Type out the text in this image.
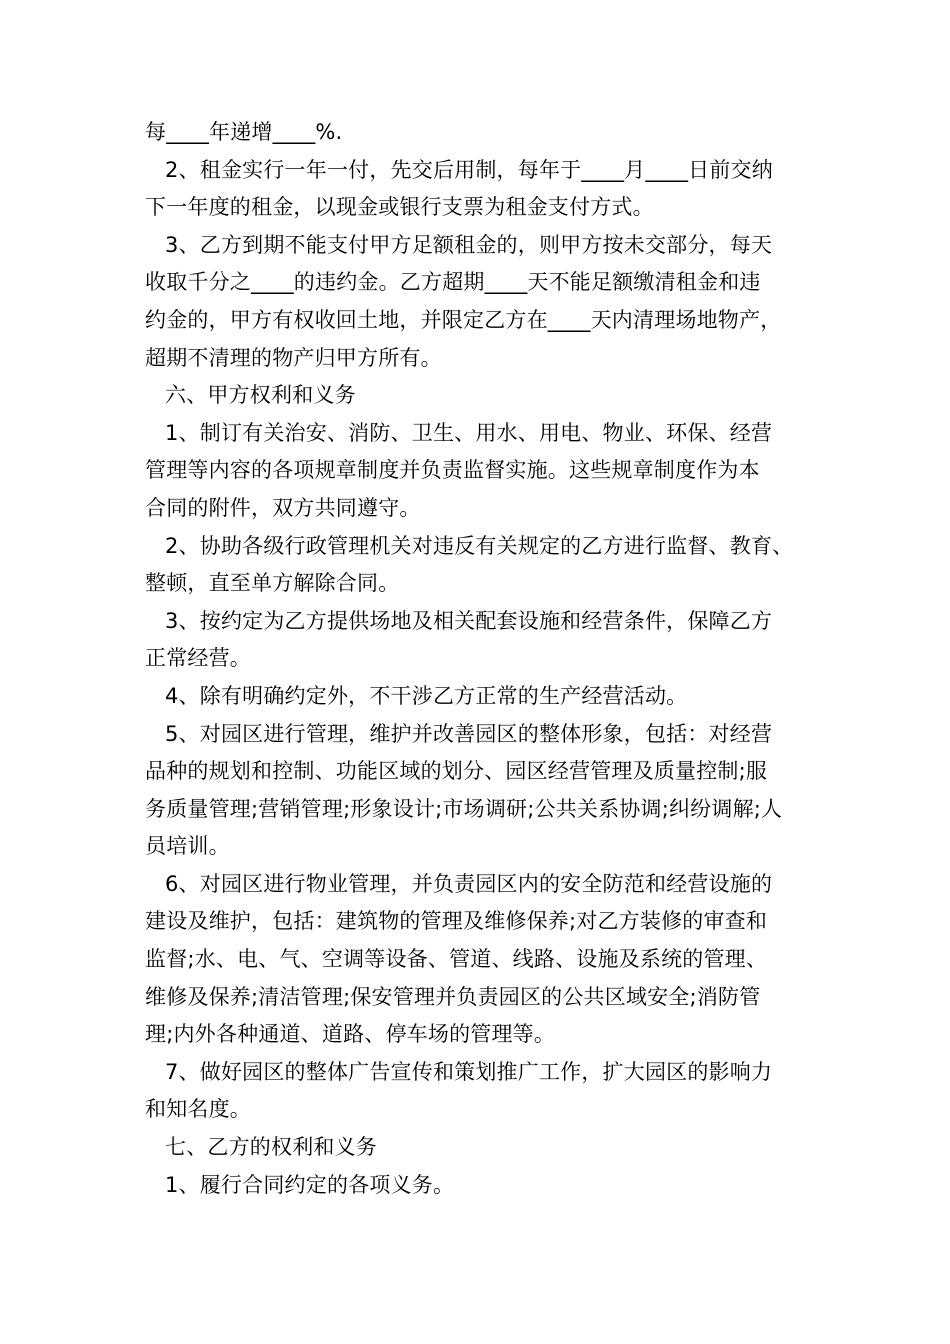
每____年递增____%.
2、租金实行一年一付，先交后用制，每年于____月____日前交纳
下一年度的租金，以现金或银行支票为租金支付方式。
3、乙方到期不能支付甲方足额租金的，则甲方按未交部分，每天
收取千分之____的违约金。乙方超期____天不能足额缴清租金和违
约金的，甲方有权收回土地，并限定乙方在____天内清理场地物产，
超期不清理的物产归甲方所有。
六、甲方权利和义务
1、制订有关治安、消防、卫生、用水、用电、物业、环保、经营
管理等内容的各项规章制度并负责监督实施。这些规章制度作为本
合同的附件，双方共同遵守。
2、协助各级行政管理机关对违反有关规定的乙方进行监督、教育、
整顿，直至单方解除合同。
3、按约定为乙方提供场地及相关配套设施和经营条件，保障乙方
正常经营。
4、除有明确约定外，不干涉乙方正常的生产经营活动。
5、对园区进行管理，维护并改善园区的整体形象，包括：对经营
品种的规划和控制、功能区域的划分、园区经营管理及质量控制;服
务质量管理;营销管理;形象设计;市场调研;公共关系协调;纠纷调解;人
员培训。
6、对园区进行物业管理，并负责园区内的安全防范和经营设施的
建设及维护，包括：建筑物的管理及维修保养;对乙方装修的审查和
监督;水、电、气、空调等设备、管道、线路、设施及系统的管理、
维修及保养;清洁管理;保安管理并负责园区的公共区域安全;消防管
理;内外各种通道、道路、停车场的管理等。
7、做好园区的整体广告宣传和策划推广工作，扩大园区的影响力
和知名度。
七、乙方的权利和义务
1、履行合同约定的各项义务。
